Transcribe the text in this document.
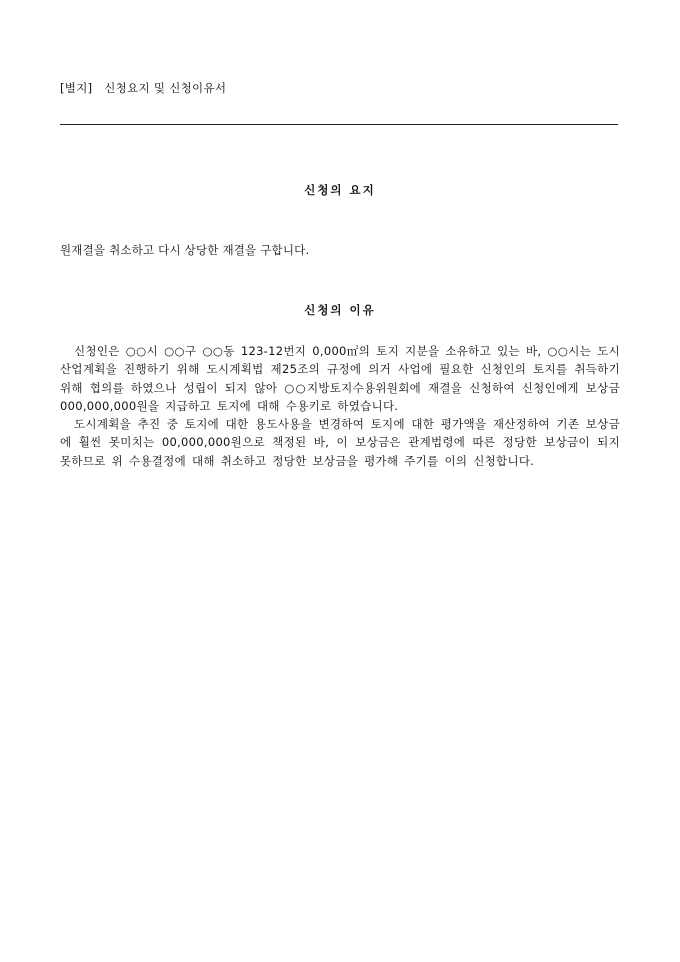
[별지]   신청요지 및 신청이유서
신청의 요지
원재결을 취소하고 다시 상당한 재결을 구합니다.
신청의 이유

신청인은 ○○시 ○○구 ○○동 123-12번지 0,000㎡의 토지 지분을 소유하고 있는 바, ○○시는 도시산업계획을 진행하기 위해 도시계획법 제25조의 규정에 의거 사업에 필요한 신청인의 토지를 취득하기 위해 협의를 하였으나 성립이 되지 않아 ○○지방토지수용위원회에 재결을 신청하여 신청인에게 보상금 000,000,000원을 지급하고 토지에 대해 수용키로 하였습니다.

도시계획을 추진 중 토지에 대한 용도사용을 변경하여 토지에 대한 평가액을 재산정하여 기존 보상금에 훨씬 못미치는 00,000,000원으로 책정된 바, 이 보상금은 관계법령에 따른 정당한 보상금이 되지 못하므로 위 수용결정에 대해 취소하고 정당한 보상금을 평가해 주기를 이의 신청합니다.
